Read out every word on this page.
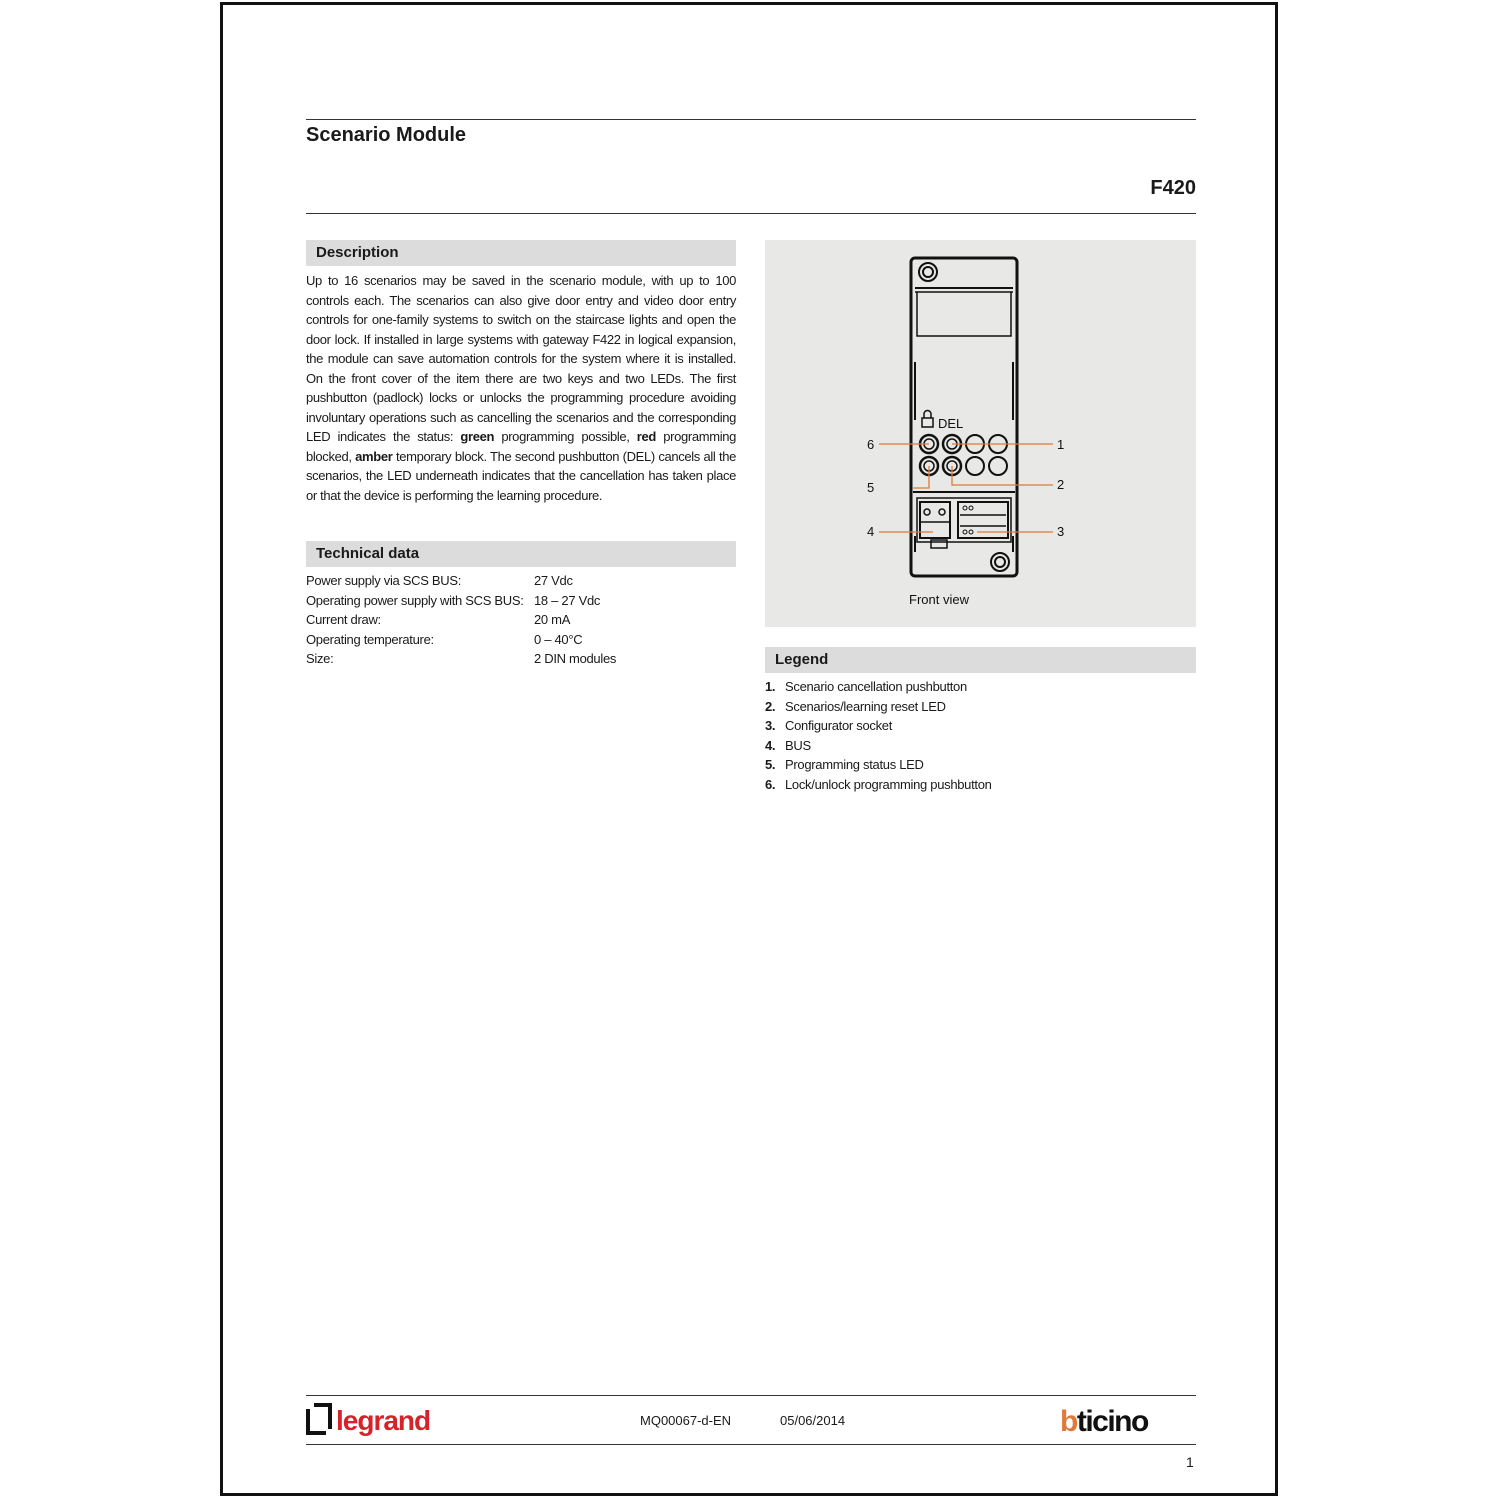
Scenario Module
F420
Description
Up to 16 scenarios may be saved in the scenario module, with up to 100 controls each. The scenarios can also give door entry and video door entry controls for one-family systems to switch on the staircase lights and open the door lock. If installed in large systems with gateway F422 in logical expansion, the module can save automation controls for the system where it is installed. On the front cover of the item there are two keys and two LEDs. The first pushbutton (padlock) locks or unlocks the programming procedure avoiding involuntary operations such as cancelling the scenarios and the corresponding LED indicates the status: green programming possible, red programming blocked, amber temporary block. The second pushbutton (DEL) cancels all the scenarios, the LED underneath indicates that the cancellation has taken place or that the device is performing the learning procedure.
Technical data
Power supply via SCS BUS:	27 Vdc
Operating power supply with SCS BUS: 18 – 27 Vdc
Current draw:	20 mA
Operating temperature:	0 – 40°C
Size:	2 DIN modules
DEL
1
2
3
4
5
6
Front view
Legend
1. Scenario cancellation pushbutton
2. Scenarios/learning reset LED
3. Configurator socket
4. BUS
5. Programming status LED
6. Lock/unlock programming pushbutton
legrand	MQ00067-d-EN	05/06/2014	bticino
1
